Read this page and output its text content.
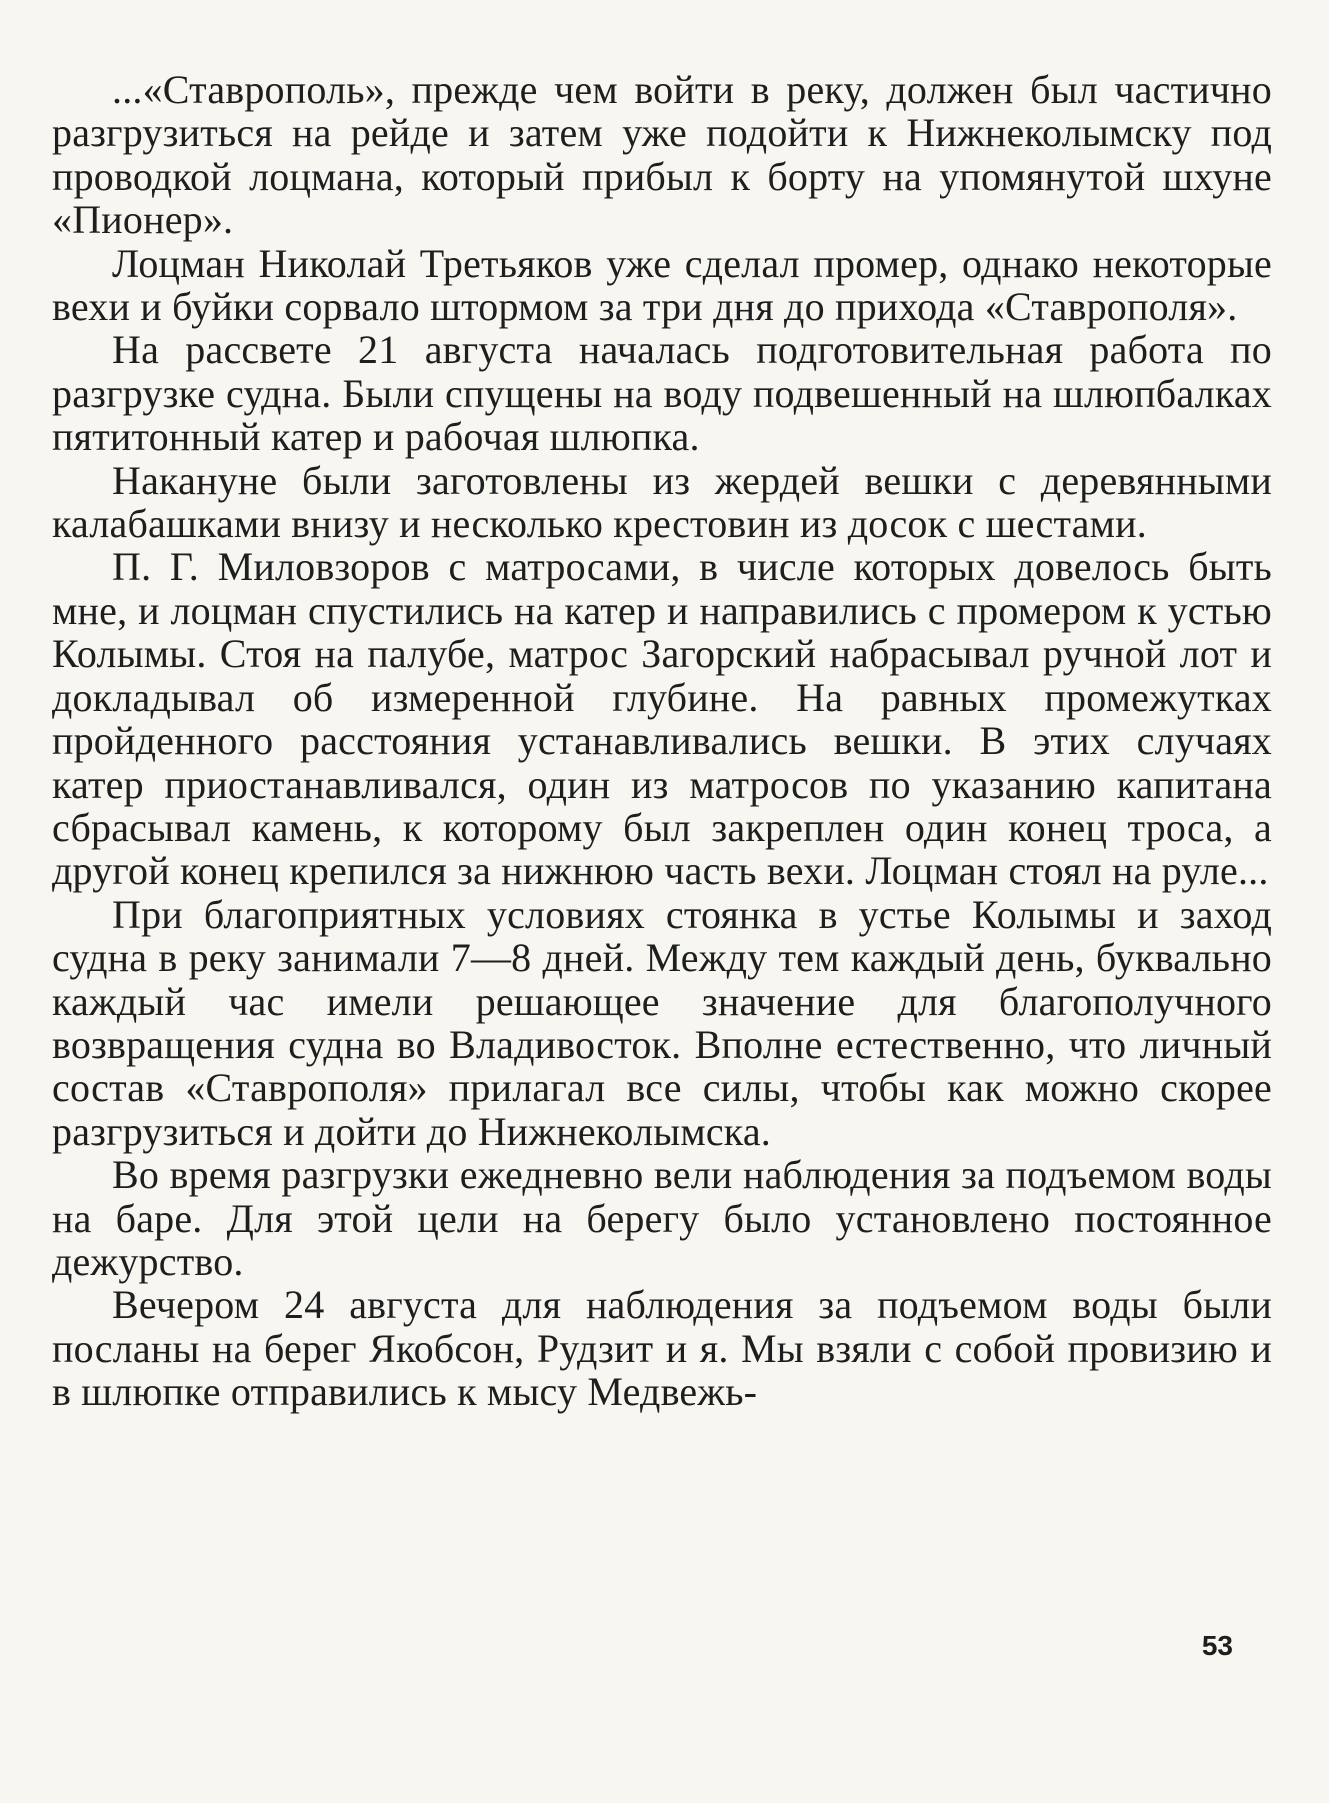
...«Ставрополь», прежде чем войти в реку, должен был частично разгрузиться на рейде и затем уже подойти к Нижнеколымску под проводкой лоцмана, который прибыл к борту на упомянутой шхуне «Пионер».

Лоцман Николай Третьяков уже сделал промер, однако некоторые вехи и буйки сорвало штормом за три дня до прихода «Ставрополя».

На рассвете 21 августа началась подготовительная работа по разгрузке судна. Были спущены на воду подвешенный на шлюпбалках пятитонный катер и рабочая шлюпка.

Накануне были заготовлены из жердей вешки с деревянными калабашками внизу и несколько крестовин из досок с шестами.

П. Г. Миловзоров с матросами, в числе которых довелось быть мне, и лоцман спустились на катер и направились с промером к устью Колымы. Стоя на палубе, матрос Загорский набрасывал ручной лот и докладывал об измеренной глубине. На равных промежутках пройденного расстояния устанавливались вешки. В этих случаях катер приостанавливался, один из матросов по указанию капитана сбрасывал камень, к которому был закреплен один конец троса, а другой конец крепился за нижнюю часть вехи. Лоцман стоял на руле...

При благоприятных условиях стоянка в устье Колымы и заход судна в реку занимали 7—8 дней. Между тем каждый день, буквально каждый час имели решающее значение для благополучного возвращения судна во Владивосток. Вполне естественно, что личный состав «Ставрополя» прилагал все силы, чтобы как можно скорее разгрузиться и дойти до Нижнеколымска.

Во время разгрузки ежедневно вели наблюдения за подъемом воды на баре. Для этой цели на берегу было установлено постоянное дежурство.

Вечером 24 августа для наблюдения за подъемом воды были посланы на берег Якобсон, Рудзит и я. Мы взяли с собой провизию и в шлюпке отправились к мысу Медвежь-

53
